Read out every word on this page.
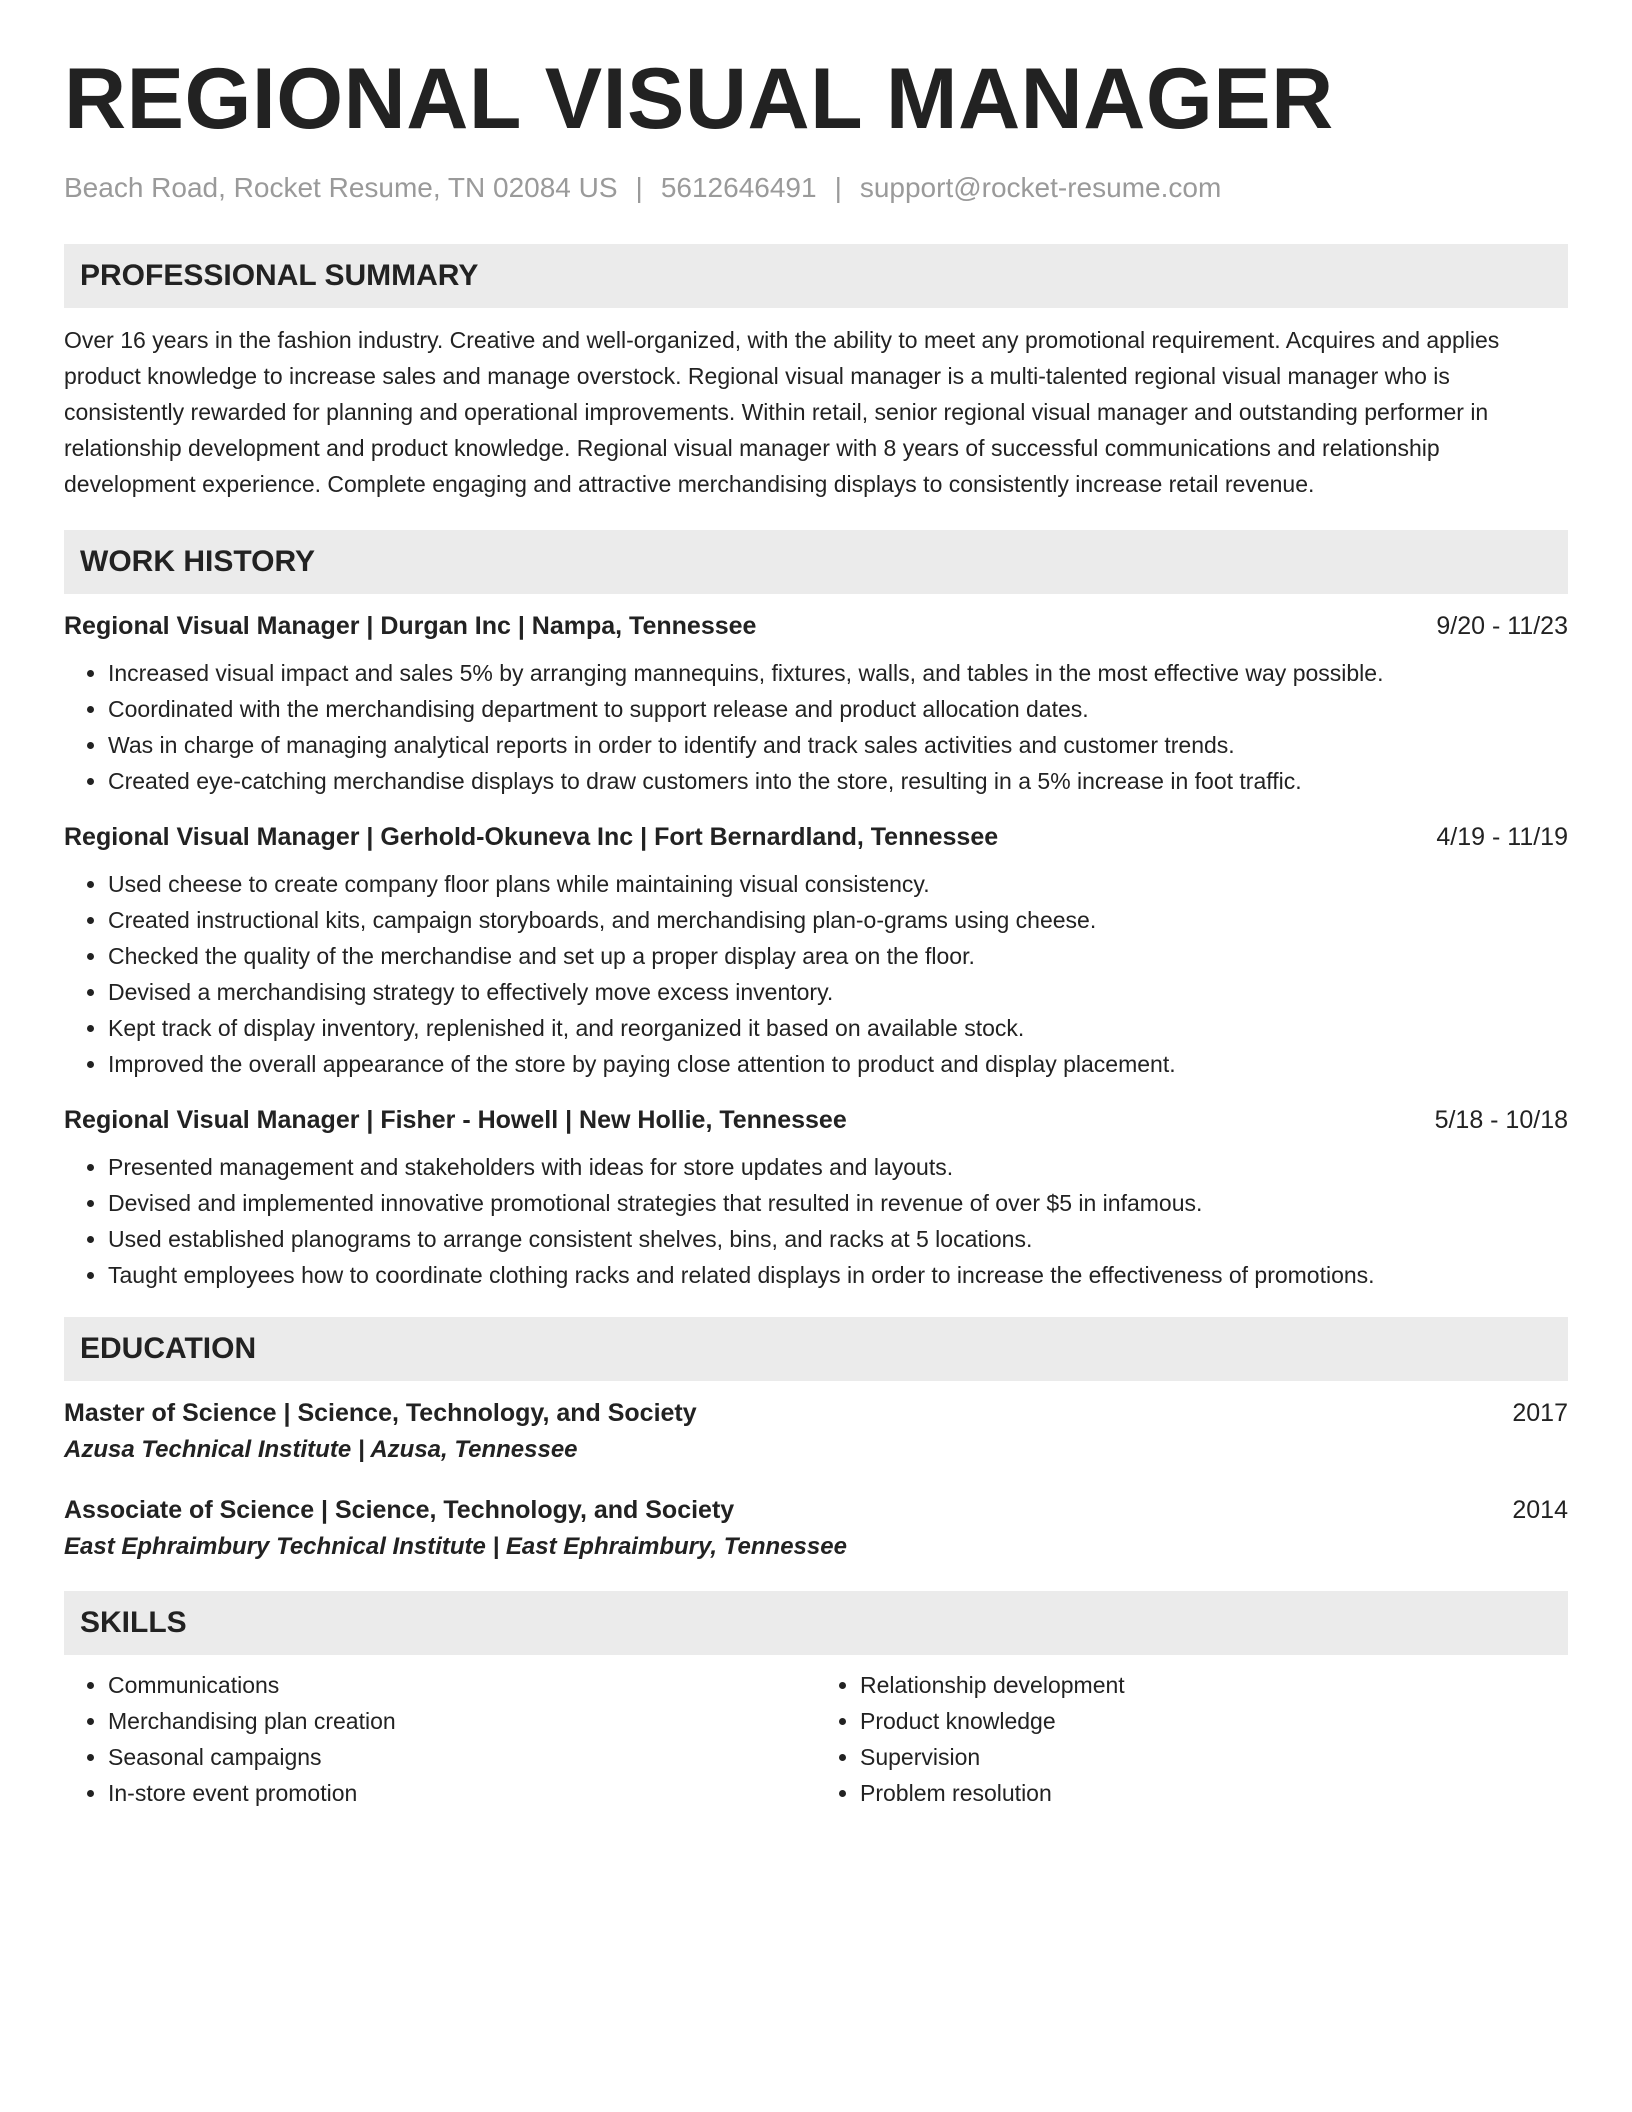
REGIONAL VISUAL MANAGER
Beach Road, Rocket Resume, TN 02084 US | 5612646491 | support@rocket-resume.com
PROFESSIONAL SUMMARY
Over 16 years in the fashion industry. Creative and well-organized, with the ability to meet any promotional requirement. Acquires and applies product knowledge to increase sales and manage overstock. Regional visual manager is a multi-talented regional visual manager who is consistently rewarded for planning and operational improvements. Within retail, senior regional visual manager and outstanding performer in relationship development and product knowledge. Regional visual manager with 8 years of successful communications and relationship development experience. Complete engaging and attractive merchandising displays to consistently increase retail revenue.
WORK HISTORY
Regional Visual Manager | Durgan Inc | Nampa, Tennessee	9/20 - 11/23
• Increased visual impact and sales 5% by arranging mannequins, fixtures, walls, and tables in the most effective way possible.
• Coordinated with the merchandising department to support release and product allocation dates.
• Was in charge of managing analytical reports in order to identify and track sales activities and customer trends.
• Created eye-catching merchandise displays to draw customers into the store, resulting in a 5% increase in foot traffic.
Regional Visual Manager | Gerhold-Okuneva Inc | Fort Bernardland, Tennessee	4/19 - 11/19
• Used cheese to create company floor plans while maintaining visual consistency.
• Created instructional kits, campaign storyboards, and merchandising plan-o-grams using cheese.
• Checked the quality of the merchandise and set up a proper display area on the floor.
• Devised a merchandising strategy to effectively move excess inventory.
• Kept track of display inventory, replenished it, and reorganized it based on available stock.
• Improved the overall appearance of the store by paying close attention to product and display placement.
Regional Visual Manager | Fisher - Howell | New Hollie, Tennessee	5/18 - 10/18
• Presented management and stakeholders with ideas for store updates and layouts.
• Devised and implemented innovative promotional strategies that resulted in revenue of over $5 in infamous.
• Used established planograms to arrange consistent shelves, bins, and racks at 5 locations.
• Taught employees how to coordinate clothing racks and related displays in order to increase the effectiveness of promotions.
EDUCATION
Master of Science | Science, Technology, and Society	2017
Azusa Technical Institute | Azusa, Tennessee
Associate of Science | Science, Technology, and Society	2014
East Ephraimbury Technical Institute | East Ephraimbury, Tennessee
SKILLS
• Communications
• Merchandising plan creation
• Seasonal campaigns
• In-store event promotion
• Relationship development
• Product knowledge
• Supervision
• Problem resolution
